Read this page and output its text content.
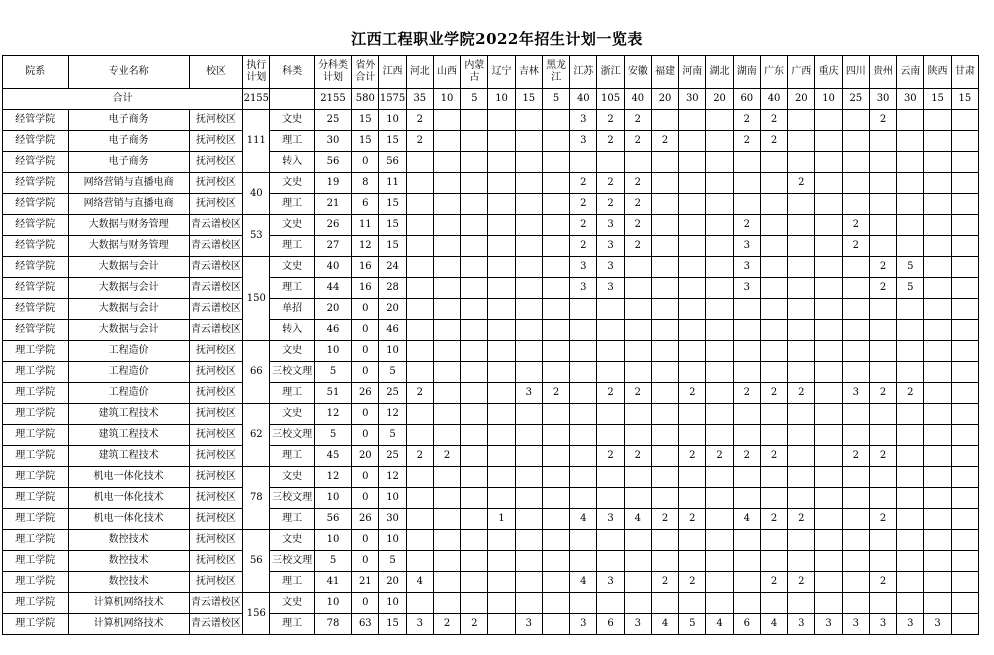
江西工程职业学院2022年招生计划一览表
院系	专业名称	校区	执行计划	科类	分科类计划	省外合计	江西	河北	山西	内蒙古	辽宁	吉林	黑龙江	江苏	浙江	安徽	福建	河南	湖北	湖南	广东	广西	重庆	四川	贵州	云南	陕西	甘肃
合计			2155		2155	580	1575	35	10	5	10	15	5	40	105	40	20	30	20	60	40	20	10	25	30	30	15	15
经管学院	电子商务	抚河校区	111	文史	25	15	10	2						3	2	2				2	2				2			
经管学院	电子商务	抚河校区		理工	30	15	15	2						3	2	2	2			2	2							
经管学院	电子商务	抚河校区		转入	56	0	56																					
经管学院	网络营销与直播电商	抚河校区	40	文史	19	8	11							2	2	2						2						
经管学院	网络营销与直播电商	抚河校区		理工	21	6	15							2	2	2												
经管学院	大数据与财务管理	青云谱校区	53	文史	26	11	15							2	3	2				2				2				
经管学院	大数据与财务管理	青云谱校区		理工	27	12	15							2	3	2				3				2				
经管学院	大数据与会计	青云谱校区	150	文史	40	16	24							3	3					3					2	5		
经管学院	大数据与会计	青云谱校区		理工	44	16	28							3	3					3					2	5		
经管学院	大数据与会计	青云谱校区		单招	20	0	20																					
经管学院	大数据与会计	青云谱校区		转入	46	0	46																					
理工学院	工程造价	抚河校区	66	文史	10	0	10																					
理工学院	工程造价	抚河校区		三校文理	5	0	5																					
理工学院	工程造价	抚河校区		理工	51	26	25	2				3	2		2	2		2		2	2	2		3	2	2		
理工学院	建筑工程技术	抚河校区	62	文史	12	0	12																					
理工学院	建筑工程技术	抚河校区		三校文理	5	0	5																					
理工学院	建筑工程技术	抚河校区		理工	45	20	25	2	2						2	2		2	2	2	2			2	2			
理工学院	机电一体化技术	抚河校区	78	文史	12	0	12																					
理工学院	机电一体化技术	抚河校区		三校文理	10	0	10																					
理工学院	机电一体化技术	抚河校区		理工	56	26	30				1			4	3	4	2	2		4	2	2			2			
理工学院	数控技术	抚河校区	56	文史	10	0	10																					
理工学院	数控技术	抚河校区		三校文理	5	0	5																					
理工学院	数控技术	抚河校区		理工	41	21	20	4						4	3		2	2			2	2			2			
理工学院	计算机网络技术	青云谱校区	156	文史	10	0	10																					
理工学院	计算机网络技术	青云谱校区		理工	78	63	15	3	2	2		3		3	6	3	4	5	4	6	4	3	3	3	3	3	3	
